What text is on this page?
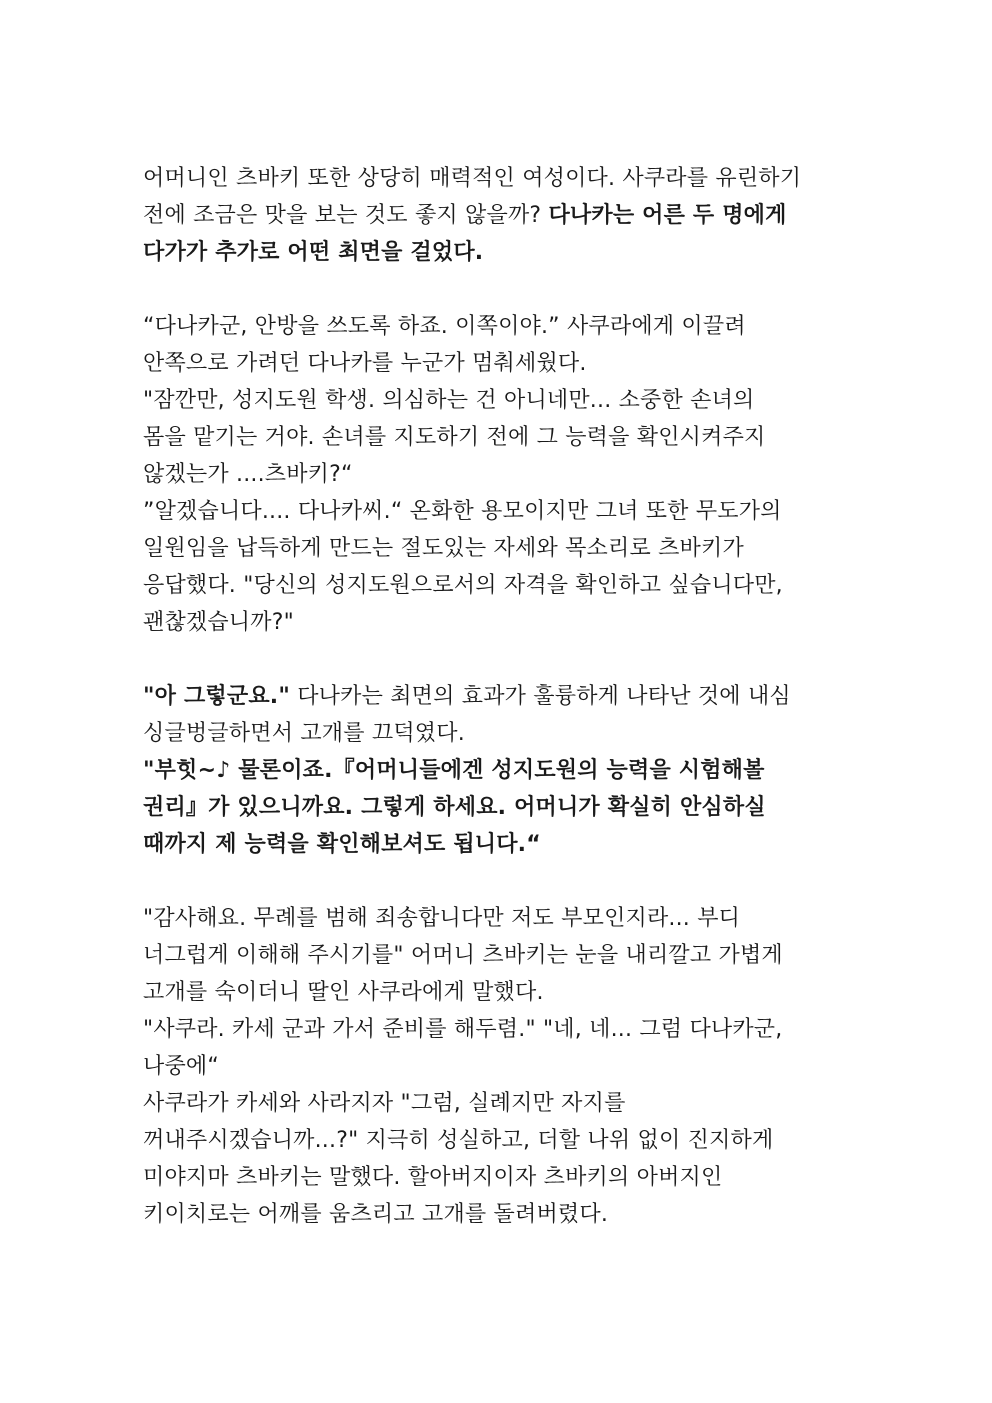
어머니인 츠바키 또한 상당히 매력적인 여성이다. 사쿠라를 유린하기
전에 조금은 맛을 보는 것도 좋지 않을까? 다나카는 어른 두 명에게
다가가 추가로 어떤 최면을 걸었다.
“다나카군, 안방을 쓰도록 하죠. 이쪽이야.” 사쿠라에게 이끌려
안쪽으로 가려던 다나카를 누군가 멈춰세웠다.
"잠깐만, 성지도원 학생. 의심하는 건 아니네만... 소중한 손녀의
몸을 맡기는 거야. 손녀를 지도하기 전에 그 능력을 확인시켜주지
않겠는가 ....츠바키?“
”알겠습니다.... 다나카씨.“ 온화한 용모이지만 그녀 또한 무도가의
일원임을 납득하게 만드는 절도있는 자세와 목소리로 츠바키가
응답했다. "당신의 성지도원으로서의 자격을 확인하고 싶습니다만,
괜찮겠습니까?"
"아 그렇군요." 다나카는 최면의 효과가 훌륭하게 나타난 것에 내심
싱글벙글하면서 고개를 끄덕였다.
"부힛~♪ 물론이죠.『어머니들에겐 성지도원의 능력을 시험해볼
권리』가 있으니까요. 그렇게 하세요. 어머니가 확실히 안심하실
때까지 제 능력을 확인해보셔도 됩니다.“
"감사해요. 무례를 범해 죄송합니다만 저도 부모인지라... 부디
너그럽게 이해해 주시기를" 어머니 츠바키는 눈을 내리깔고 가볍게
고개를 숙이더니 딸인 사쿠라에게 말했다.
"사쿠라. 카세 군과 가서 준비를 해두렴." "네, 네... 그럼 다나카군,
나중에“
사쿠라가 카세와 사라지자 "그럼, 실례지만 자지를
꺼내주시겠습니까...?" 지극히 성실하고, 더할 나위 없이 진지하게
미야지마 츠바키는 말했다. 할아버지이자 츠바키의 아버지인
키이치로는 어깨를 움츠리고 고개를 돌려버렸다.
